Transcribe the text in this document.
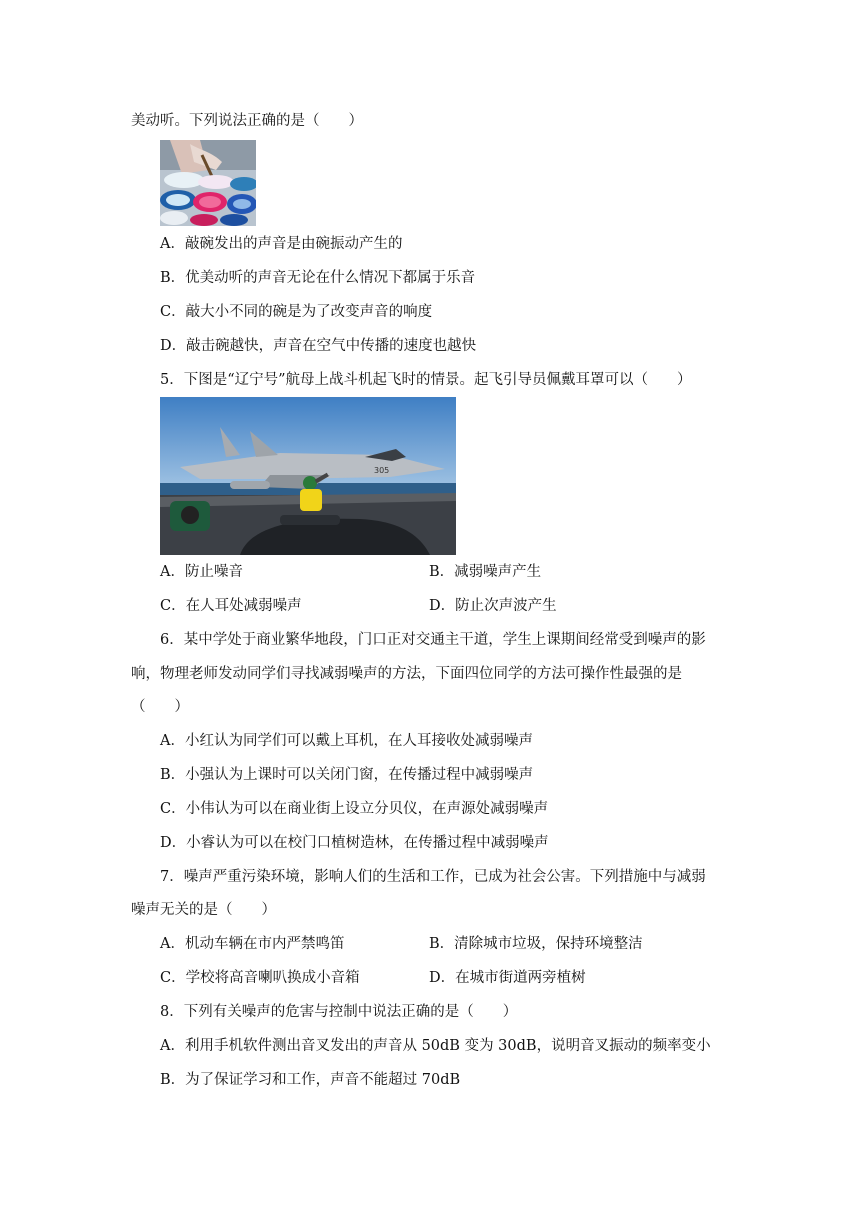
美动听。下列说法正确的是（　　）
A．敲碗发出的声音是由碗振动产生的
B．优美动听的声音无论在什么情况下都属于乐音
C．敲大小不同的碗是为了改变声音的响度
D．敲击碗越快，声音在空气中传播的速度也越快
5．下图是“辽宁号”航母上战斗机起飞时的情景。起飞引导员佩戴耳罩可以（　　）
305
A．防止噪音	B．减弱噪声产生
C．在人耳处减弱噪声	D．防止次声波产生
6．某中学处于商业繁华地段，门口正对交通主干道，学生上课期间经常受到噪声的影
响，物理老师发动同学们寻找减弱噪声的方法，下面四位同学的方法可操作性最强的是
（　　）
A．小红认为同学们可以戴上耳机，在人耳接收处减弱噪声
B．小强认为上课时可以关闭门窗，在传播过程中减弱噪声
C．小伟认为可以在商业街上设立分贝仪，在声源处减弱噪声
D．小睿认为可以在校门口植树造林，在传播过程中减弱噪声
7．噪声严重污染环境，影响人们的生活和工作，已成为社会公害。下列措施中与减弱
噪声无关的是（　　）
A．机动车辆在市内严禁鸣笛	B．清除城市垃圾，保持环境整洁
C．学校将高音喇叭换成小音箱	D．在城市街道两旁植树
8．下列有关噪声的危害与控制中说法正确的是（　　）
A．利用手机软件测出音叉发出的声音从 50dB 变为 30dB，说明音叉振动的频率变小
B．为了保证学习和工作，声音不能超过 70dB
